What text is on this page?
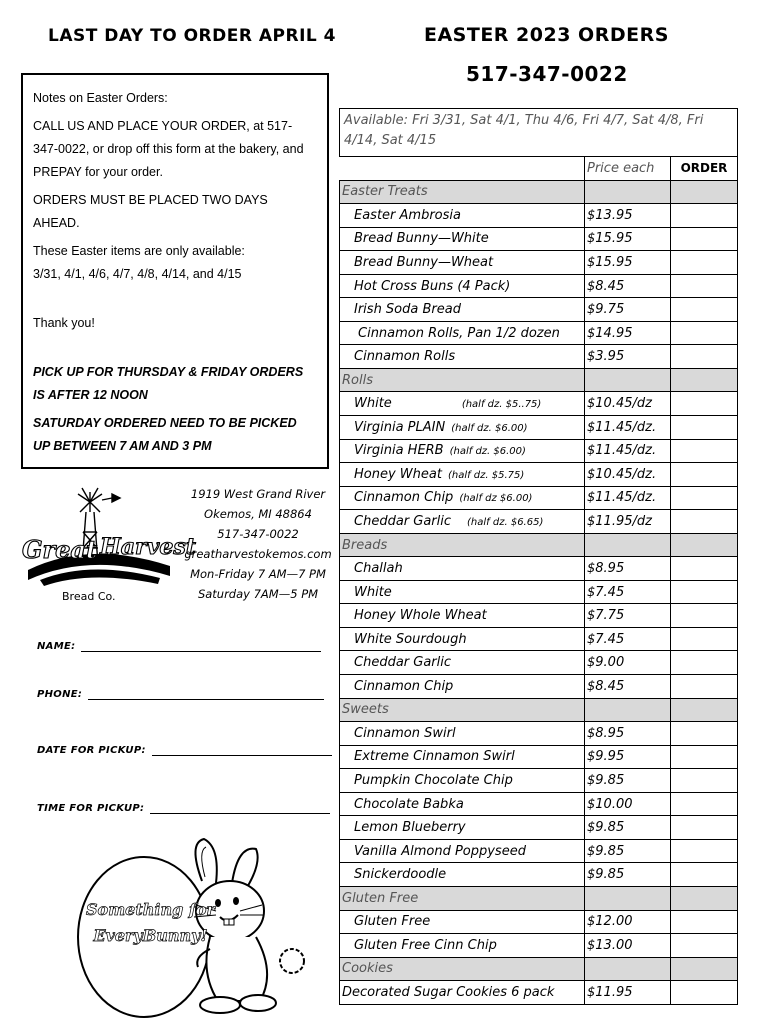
LAST DAY TO ORDER APRIL 4	EASTER 2023 ORDERS
517-347-0022
Notes on Easter Orders:
CALL US AND PLACE YOUR ORDER, at 517-347-0022, or drop off this form at the bakery, and PREPAY for your order.
ORDERS MUST BE PLACED TWO DAYS AHEAD.
These Easter items are only available:
3/31, 4/1, 4/6, 4/7, 4/8, 4/14, and 4/15
Thank you!
PICK UP FOR THURSDAY & FRIDAY ORDERS IS AFTER 12 NOON
SATURDAY ORDERED NEED TO BE PICKED UP BETWEEN 7 AM AND 3 PM
Great Harvest
Bread Co.
1919 West Grand River
Okemos, MI 48864
517-347-0022
greatharvestokemos.com
Mon-Friday 7 AM—7 PM
Saturday 7AM—5 PM
NAME:
PHONE:
DATE FOR PICKUP:
TIME FOR PICKUP:
Something for
EveryBunny!
Available: Fri 3/31, Sat 4/1, Thu 4/6, Fri 4/7, Sat 4/8, Fri 4/14, Sat 4/15		
	Price each	ORDER
Easter Treats		
Easter Ambrosia	$13.95	
Bread Bunny—White	$15.95	
Bread Bunny—Wheat	$15.95	
Hot Cross Buns (4 Pack)	$8.45	
Irish Soda Bread	$9.75	
Cinnamon Rolls, Pan 1/2 dozen	$14.95	
Cinnamon Rolls	$3.95	
Rolls		
White (half dz. $5..75)	$10.45/dz	
Virginia PLAIN (half dz. $6.00)	$11.45/dz.	
Virginia HERB (half dz. $6.00)	$11.45/dz.	
Honey Wheat (half dz. $5.75)	$10.45/dz.	
Cinnamon Chip (half dz $6.00)	$11.45/dz.	
Cheddar Garlic (half dz. $6.65)	$11.95/dz	
Breads		
Challah	$8.95	
White	$7.45	
Honey Whole Wheat	$7.75	
White Sourdough	$7.45	
Cheddar Garlic	$9.00	
Cinnamon Chip	$8.45	
Sweets		
Cinnamon Swirl	$8.95	
Extreme Cinnamon Swirl	$9.95	
Pumpkin Chocolate Chip	$9.85	
Chocolate Babka	$10.00	
Lemon Blueberry	$9.85	
Vanilla Almond Poppyseed	$9.85	
Snickerdoodle	$9.85	
Gluten Free		
Gluten Free	$12.00	
Gluten Free Cinn Chip	$13.00	
Cookies		
Decorated Sugar Cookies 6 pack	$11.95	
